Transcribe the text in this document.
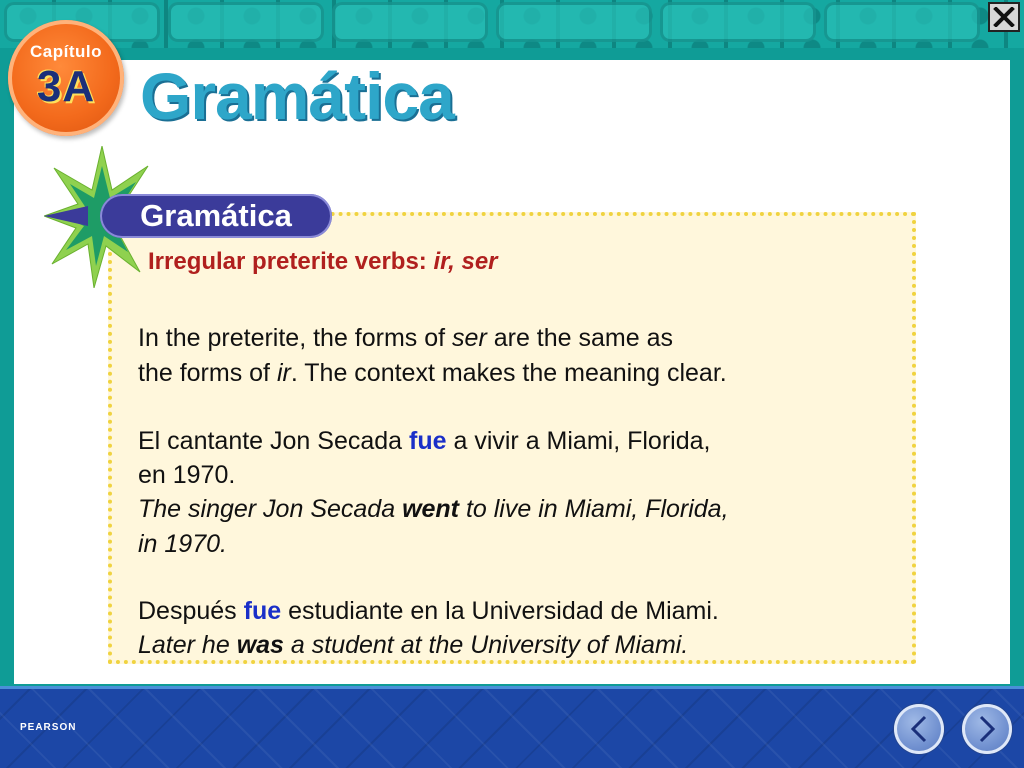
Capítulo
3A Gramática
Gramática
Irregular preterite verbs: ir, ser
In the preterite, the forms of ser are the same as
the forms of ir. The context makes the meaning clear.
El cantante Jon Secada fue a vivir a Miami, Florida,
en 1970.
The singer Jon Secada went to live in Miami, Florida,
in 1970.
Después fue estudiante en la Universidad de Miami.
Later he was a student at the University of Miami.
PEARSON
